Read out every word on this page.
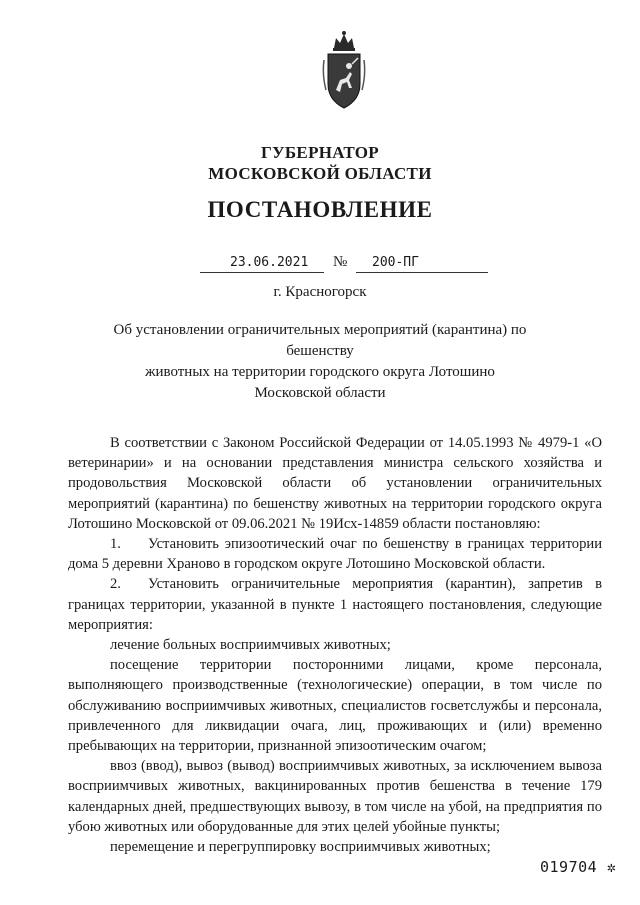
ГУБЕРНАТОР
МОСКОВСКОЙ ОБЛАСТИ
ПОСТАНОВЛЕНИЕ
23.06.2021 № 200-ПГ
г. Красногорск
Об установлении ограничительных мероприятий (карантина) по бешенству
животных на территории городского округа Лотошино
Московской области

В соответствии с Законом Российской Федерации от 14.05.1993 № 4979-1 «О ветеринарии» и на основании представления министра сельского хозяйства и продовольствия Московской области об установлении ограничительных мероприятий (карантина) по бешенству животных на территории городского округа Лотошино Московской от 09.06.2021 № 19Исх-14859 области постановляю:

1. Установить эпизоотический очаг по бешенству в границах территории дома 5 деревни Храново в городском округе Лотошино Московской области.

2. Установить ограничительные мероприятия (карантин), запретив в границах территории, указанной в пункте 1 настоящего постановления, следующие мероприятия:

лечение больных восприимчивых животных;

посещение территории посторонними лицами, кроме персонала, выполняющего производственные (технологические) операции, в том числе по обслуживанию восприимчивых животных, специалистов госветслужбы и персонала, привлеченного для ликвидации очага, лиц, проживающих и (или) временно пребывающих на территории, признанной эпизоотическим очагом;

ввоз (ввод), вывоз (вывод) восприимчивых животных, за исключением вывоза восприимчивых животных, вакцинированных против бешенства в течение 179 календарных дней, предшествующих вывозу, в том числе на убой, на предприятия по убою животных или оборудованные для этих целей убойные пункты;

перемещение и перегруппировку восприимчивых животных;

019704 ✲
